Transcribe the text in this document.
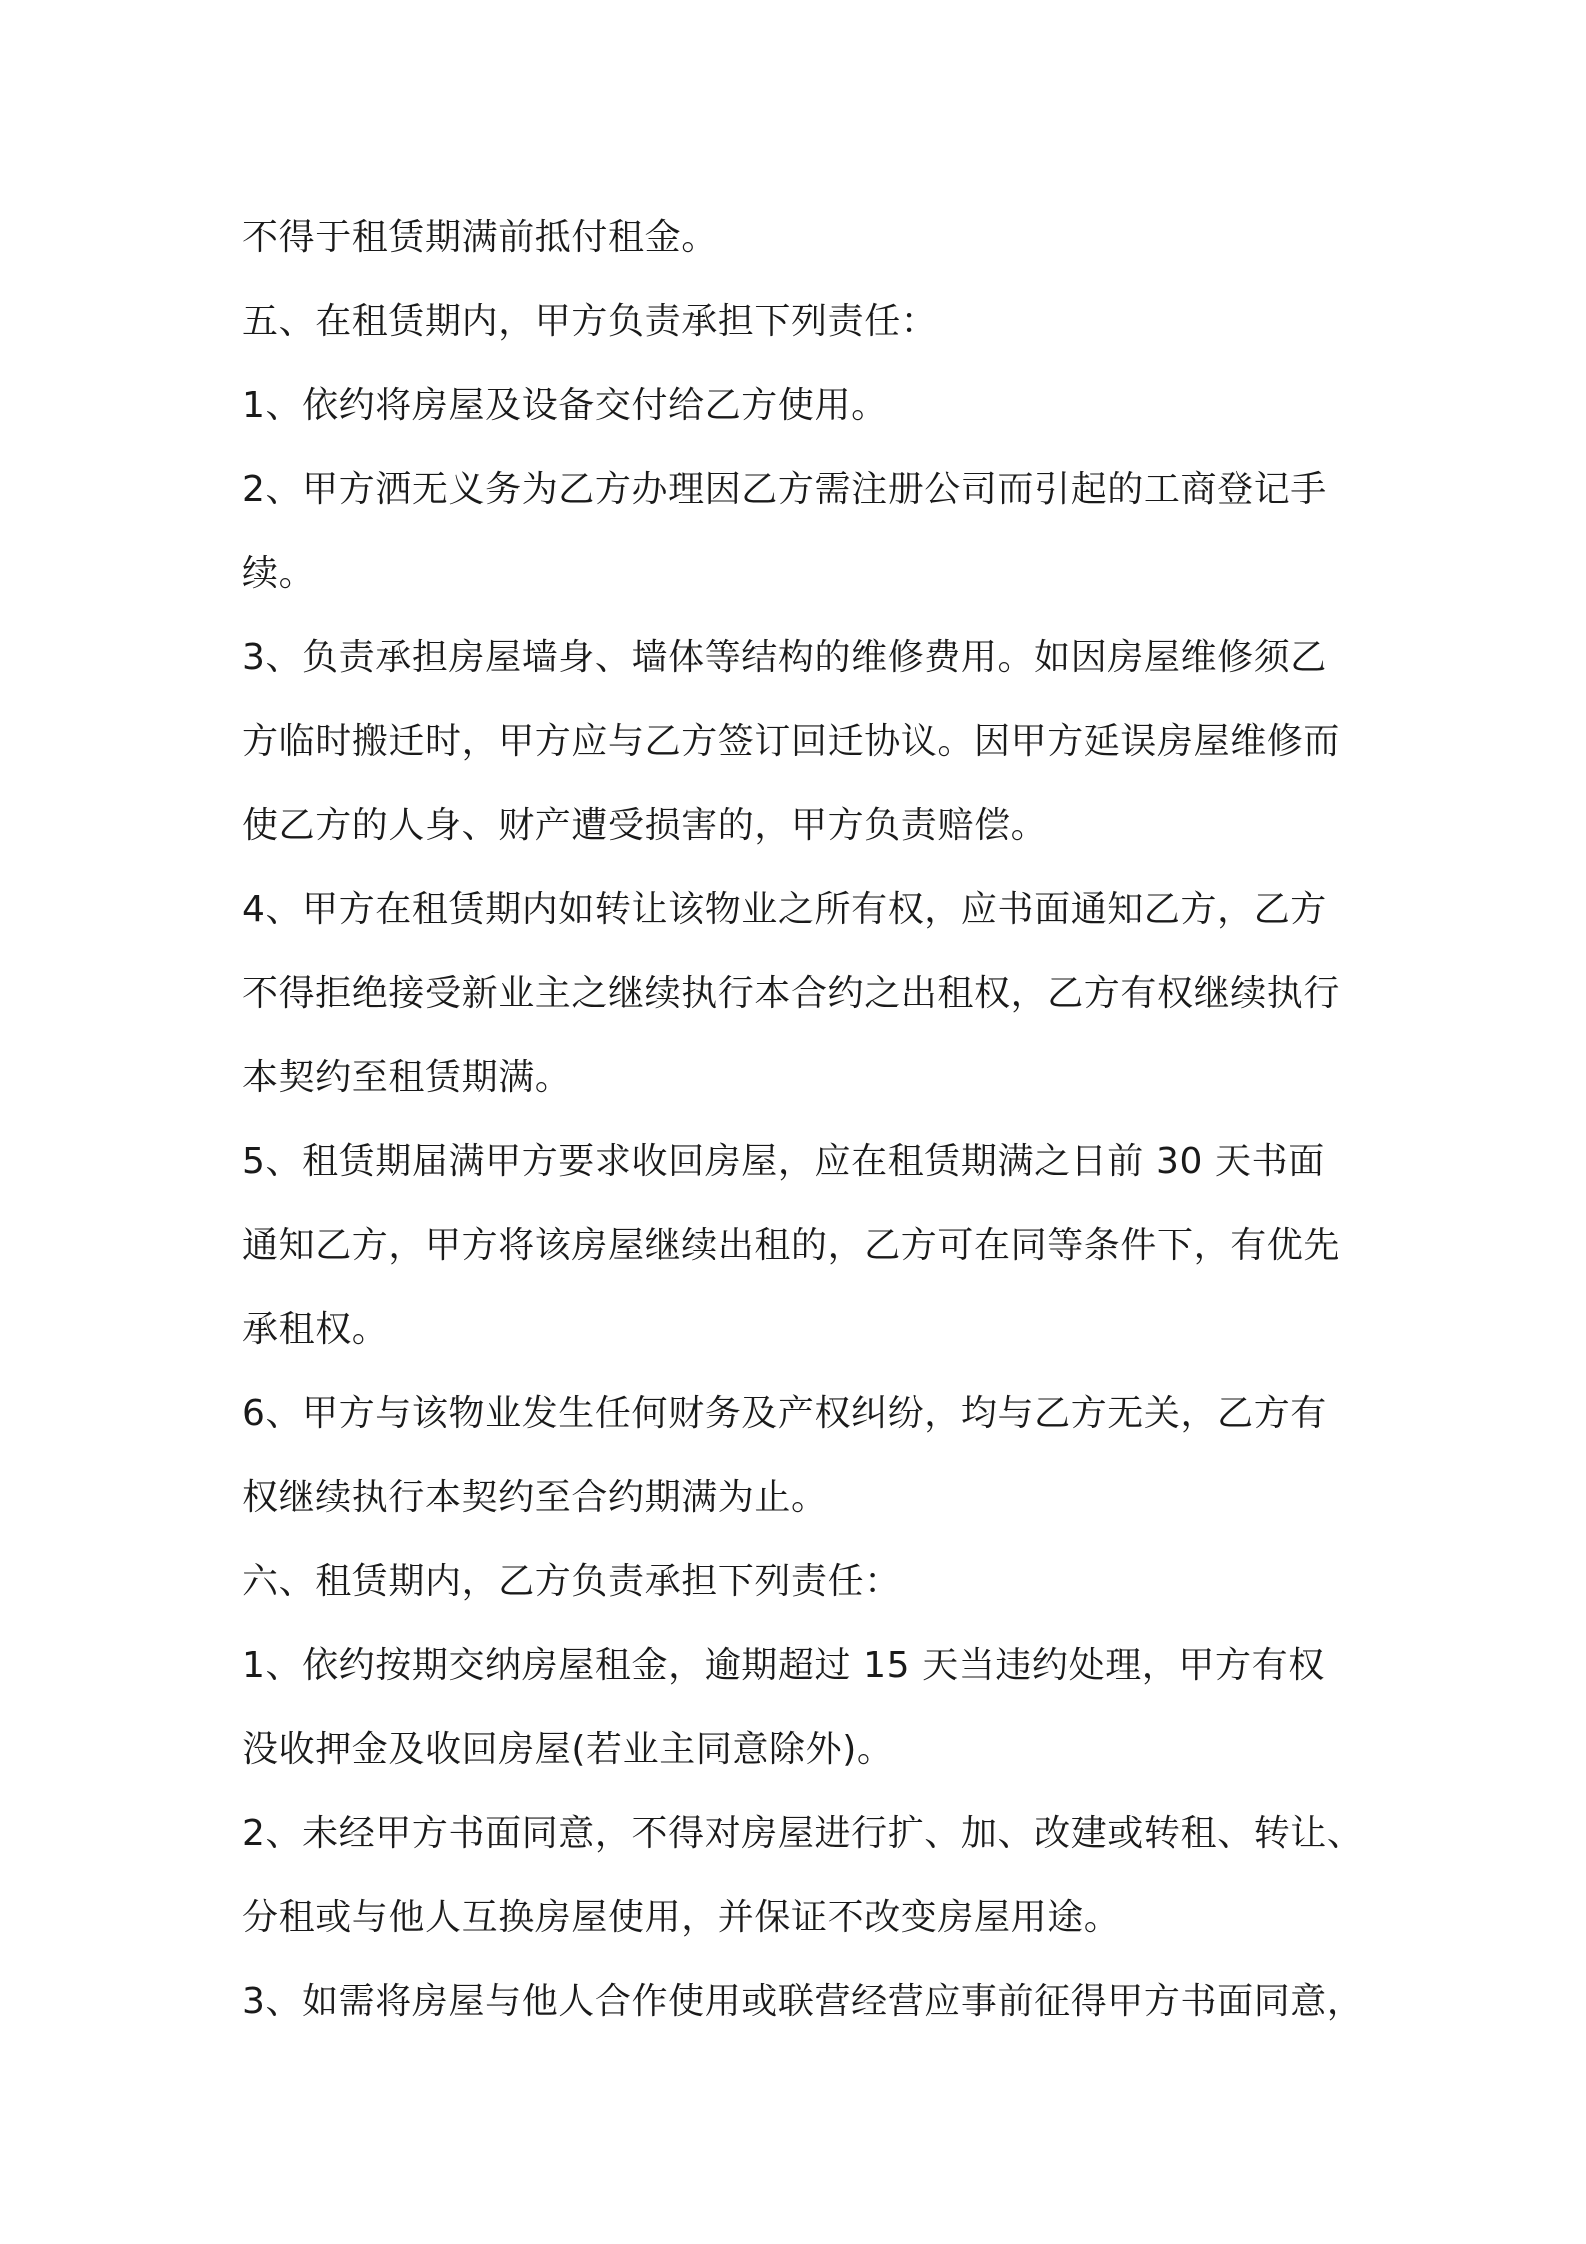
不得于租赁期满前抵付租金。
五、在租赁期内，甲方负责承担下列责任：
1、依约将房屋及设备交付给乙方使用。
2、甲方洒无义务为乙方办理因乙方需注册公司而引起的工商登记手
续。
3、负责承担房屋墙身、墙体等结构的维修费用。如因房屋维修须乙
方临时搬迁时，甲方应与乙方签订回迁协议。因甲方延误房屋维修而
使乙方的人身、财产遭受损害的，甲方负责赔偿。
4、甲方在租赁期内如转让该物业之所有权，应书面通知乙方，乙方
不得拒绝接受新业主之继续执行本合约之出租权，乙方有权继续执行
本契约至租赁期满。
5、租赁期届满甲方要求收回房屋，应在租赁期满之日前 30 天书面
通知乙方，甲方将该房屋继续出租的，乙方可在同等条件下，有优先
承租权。
6、甲方与该物业发生任何财务及产权纠纷，均与乙方无关，乙方有
权继续执行本契约至合约期满为止。
六、租赁期内，乙方负责承担下列责任：
1、依约按期交纳房屋租金，逾期超过 15 天当违约处理，甲方有权
没收押金及收回房屋(若业主同意除外)。
2、未经甲方书面同意，不得对房屋进行扩、加、改建或转租、转让、
分租或与他人互换房屋使用，并保证不改变房屋用途。
3、如需将房屋与他人合作使用或联营经营应事前征得甲方书面同意，
